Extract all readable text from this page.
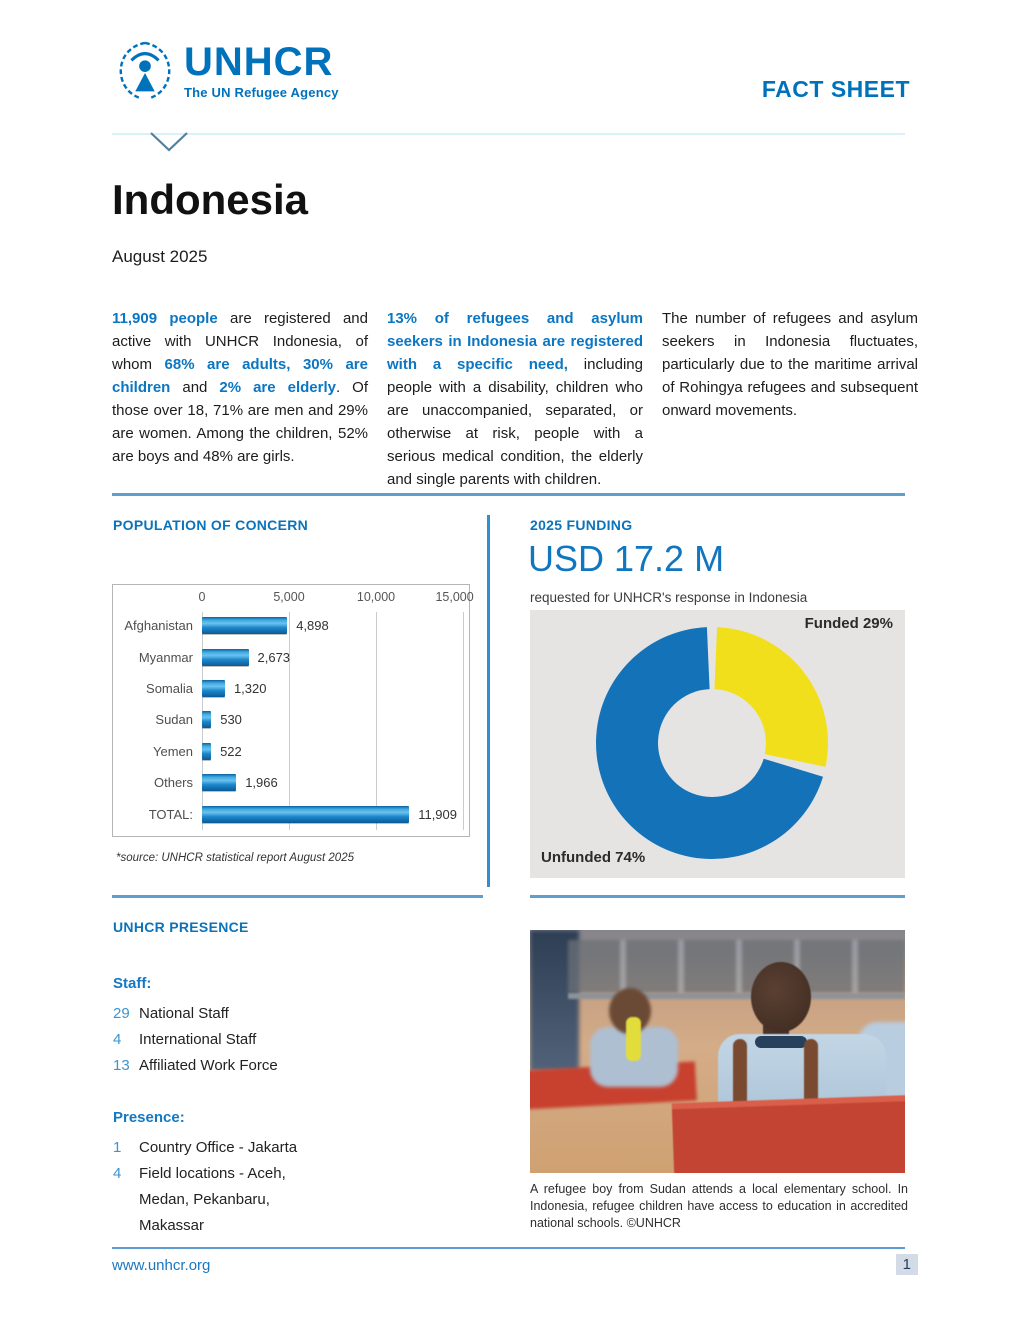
UNHCR
The UN Refugee Agency	FACT SHEET
Indonesia
August 2025

11,909 people are registered and active with UNHCR Indonesia, of whom 68% are adults, 30% are children and 2% are elderly. Of those over 18, 71% are men and 29% are women. Among the children, 52% are boys and 48% are girls.

13% of refugees and asylum seekers in Indonesia are registered with a specific need, including people with a disability, children who are unaccompanied, separated, or otherwise at risk, people with a serious medical condition, the elderly and single parents with children.

The number of refugees and asylum seekers in Indonesia fluctuates, particularly due to the maritime arrival of Rohingya refugees and subsequent onward movements.

POPULATION OF CONCERN
0	5,000	10,000	15,000
Afghanistan	4,898
Myanmar	2,673
Somalia	1,320
Sudan	530
Yemen	522
Others	1,966
TOTAL:	11,909
*source: UNHCR statistical report August 2025
2025 FUNDING
USD 17.2 M
requested for UNHCR's response in Indonesia
Funded 29%
Unfunded 74%
UNHCR PRESENCE
Staff:
29 National Staff
4	International Staff
13 Affiliated Work Force
Presence:
1	Country Office - Jakarta
4	Field locations - Aceh, Medan, Pekanbaru, Makassar
A refugee boy from Sudan attends a local elementary school. In Indonesia, refugee children have access to education in accredited national schools. ©UNHCR
www.unhcr.org	1
